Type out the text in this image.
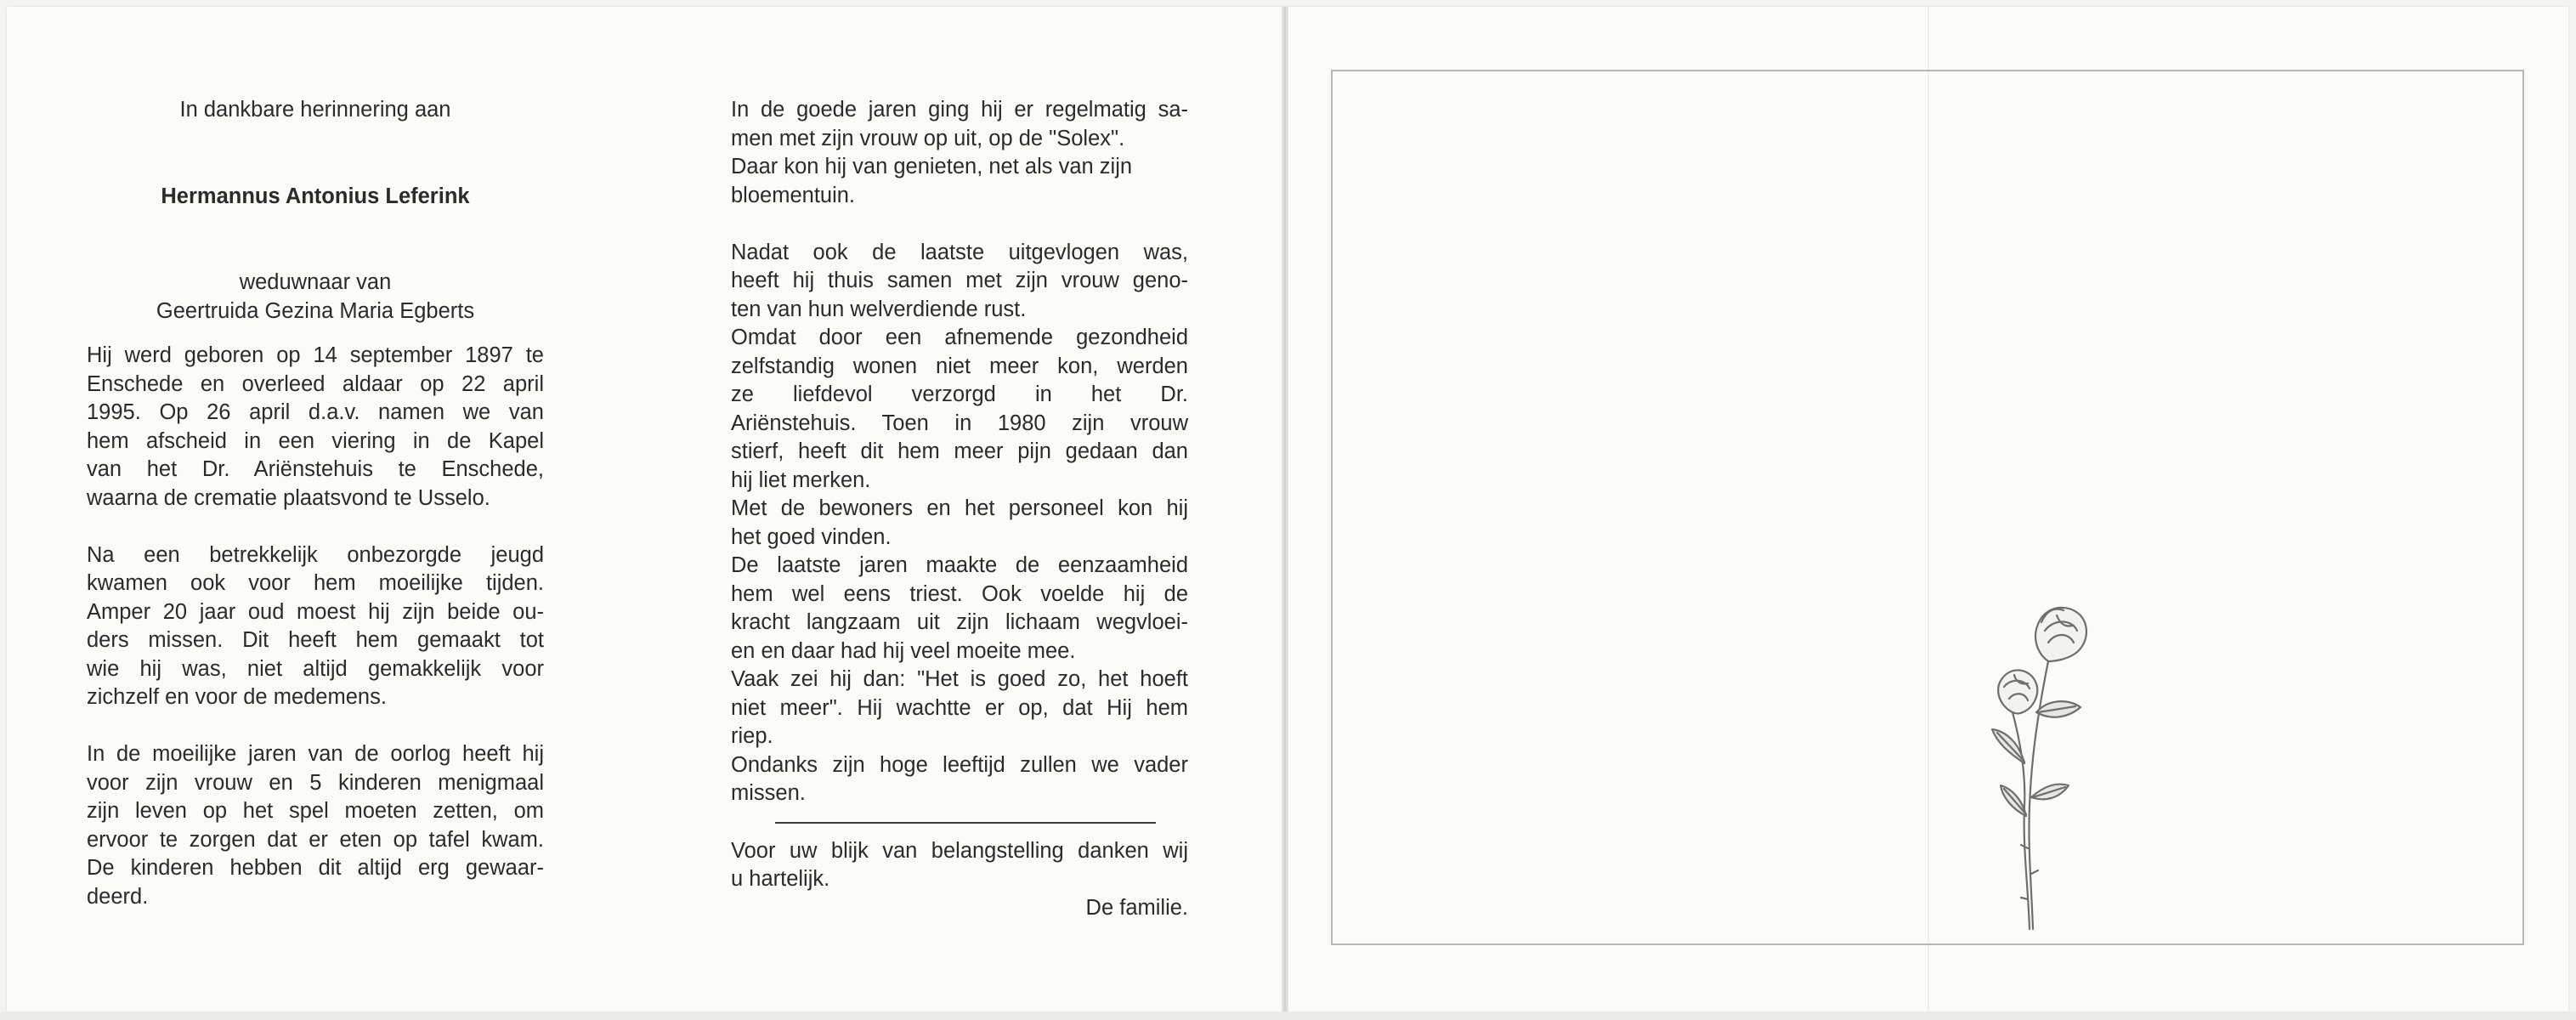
In dankbare herinnering aan

Hermannus Antonius Leferink

weduwnaar van

Geertruida Gezina Maria Egberts

Hij werd geboren op 14 september 1897 te
Enschede en overleed aldaar op 22 april
1995. Op 26 april d.a.v. namen we van
hem afscheid in een viering in de Kapel
van het Dr. Ariënstehuis te Enschede,
waarna de crematie plaatsvond te Usselo.
Na een betrekkelijk onbezorgde jeugd
kwamen ook voor hem moeilijke tijden.
Amper 20 jaar oud moest hij zijn beide ou-
ders missen. Dit heeft hem gemaakt tot
wie hij was, niet altijd gemakkelijk voor
zichzelf en voor de medemens.
In de moeilijke jaren van de oorlog heeft hij
voor zijn vrouw en 5 kinderen menigmaal
zijn leven op het spel moeten zetten, om
ervoor te zorgen dat er eten op tafel kwam.
De kinderen hebben dit altijd erg gewaar-
deerd.
In de goede jaren ging hij er regelmatig sa-
men met zijn vrouw op uit, op de "Solex".
Daar kon hij van genieten, net als van zijn
bloementuin.
Nadat ook de laatste uitgevlogen was,
heeft hij thuis samen met zijn vrouw geno-
ten van hun welverdiende rust.
Omdat door een afnemende gezondheid
zelfstandig wonen niet meer kon, werden
ze liefdevol verzorgd in het Dr.
Ariënstehuis. Toen in 1980 zijn vrouw
stierf, heeft dit hem meer pijn gedaan dan
hij liet merken.
Met de bewoners en het personeel kon hij
het goed vinden.
De laatste jaren maakte de eenzaamheid
hem wel eens triest. Ook voelde hij de
kracht langzaam uit zijn lichaam wegvloei-
en en daar had hij veel moeite mee.
Vaak zei hij dan: "Het is goed zo, het hoeft
niet meer". Hij wachtte er op, dat Hij hem
riep.
Ondanks zijn hoge leeftijd zullen we vader
missen.
Voor uw blijk van belangstelling danken wij
u hartelijk.

De familie.
